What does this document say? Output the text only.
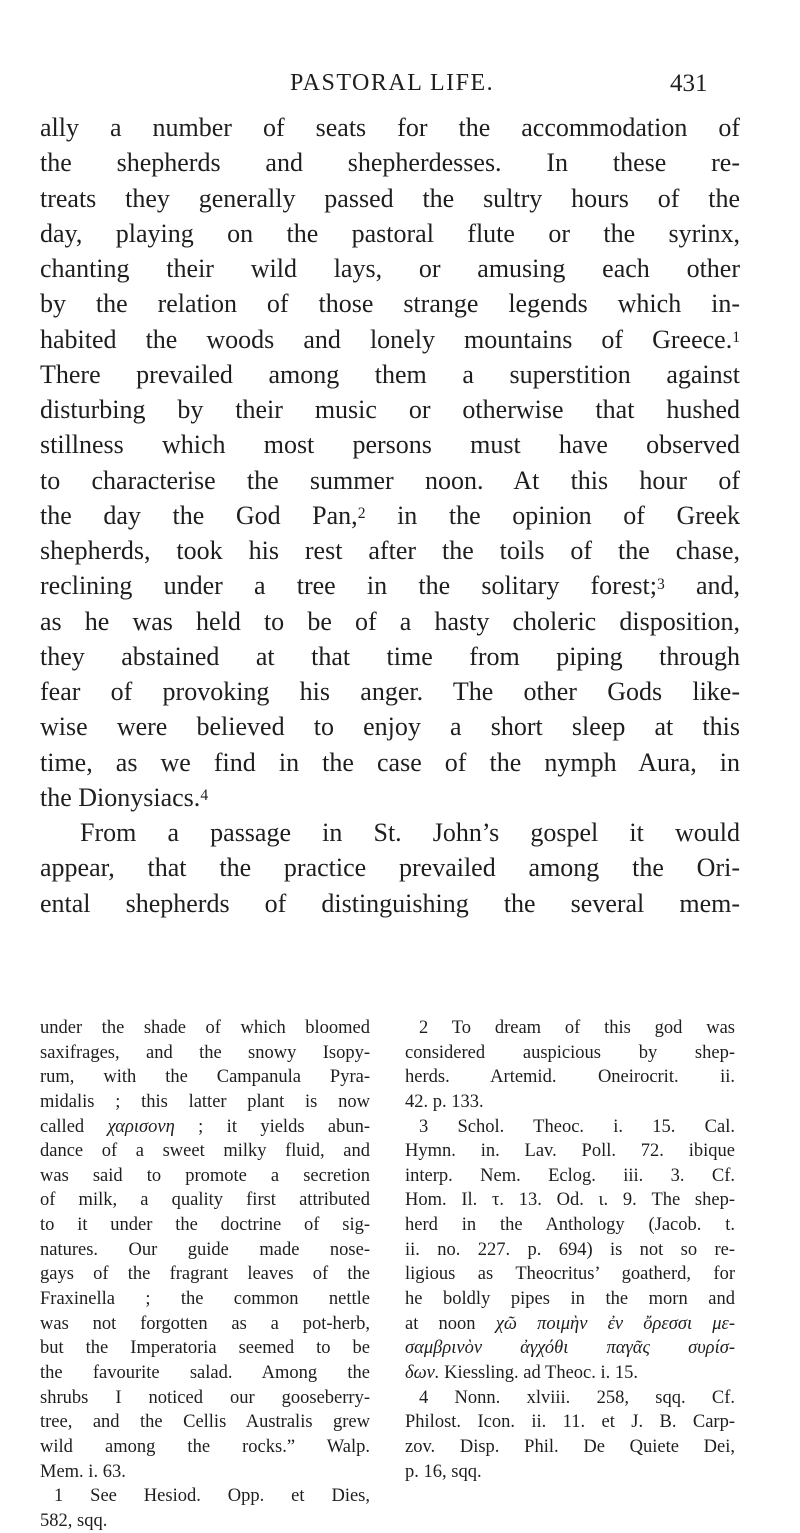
PASTORAL LIFE.	431
ally a number of seats for the accommodation of
the shepherds and shepherdesses. In these re-
treats they generally passed the sultry hours of the
day, playing on the pastoral flute or the syrinx,
chanting their wild lays, or amusing each other
by the relation of those strange legends which in-
habited the woods and lonely mountains of Greece.$^1$
There prevailed among them a superstition against
disturbing by their music or otherwise that hushed
stillness which most persons must have observed
to characterise the summer noon. At this hour of
the day the God Pan,$^2$ in the opinion of Greek
shepherds, took his rest after the toils of the chase,
reclining under a tree in the solitary forest;$^3$ and,
as he was held to be of a hasty choleric disposition,
they abstained at that time from piping through
fear of provoking his anger. The other Gods like-
wise were believed to enjoy a short sleep at this
time, as we find in the case of the nymph Aura, in
the Dionysiacs.$^4$
From a passage in St. John’s gospel it would
appear, that the practice prevailed among the Ori-
ental shepherds of distinguishing the several mem-
under the shade of which bloomed
saxifrages, and the snowy Isopy-
rum, with the Campanula Pyra-
midalis ; this latter plant is now
called χαρισονη ; it yields abun-
dance of a sweet milky fluid, and
was said to promote a secretion
of milk, a quality first attributed
to it under the doctrine of sig-
natures. Our guide made nose-
gays of the fragrant leaves of the
Fraxinella ; the common nettle
was not forgotten as a pot-herb,
but the Imperatoria seemed to be
the favourite salad. Among the
shrubs I noticed our gooseberry-
tree, and the Cellis Australis grew
wild among the rocks.” Walp.
Mem. i. 63.
1 See Hesiod. Opp. et Dies,
582, sqq.
2 To dream of this god was
considered auspicious by shep-
herds. Artemid. Oneirocrit. ii.
42. p. 133.
3 Schol. Theoc. i. 15. Cal.
Hymn. in. Lav. Poll. 72. ibique
interp. Nem. Eclog. iii. 3. Cf.
Hom. Il. τ. 13. Od. ι. 9. The shep-
herd in the Anthology (Jacob. t.
ii. no. 227. p. 694) is not so re-
ligious as Theocritus’ goatherd, for
he boldly pipes in the morn and
at noon χῶ ποιμὴν ἐν ὄρεσσι με-
σαμβρινὸν ἀγχόθι παγᾶς συρίσ-
δων. Kiessling. ad Theoc. i. 15.
4 Nonn. xlviii. 258, sqq. Cf.
Philost. Icon. ii. 11. et J. B. Carp-
zov. Disp. Phil. De Quiete Dei,
p. 16, sqq.
